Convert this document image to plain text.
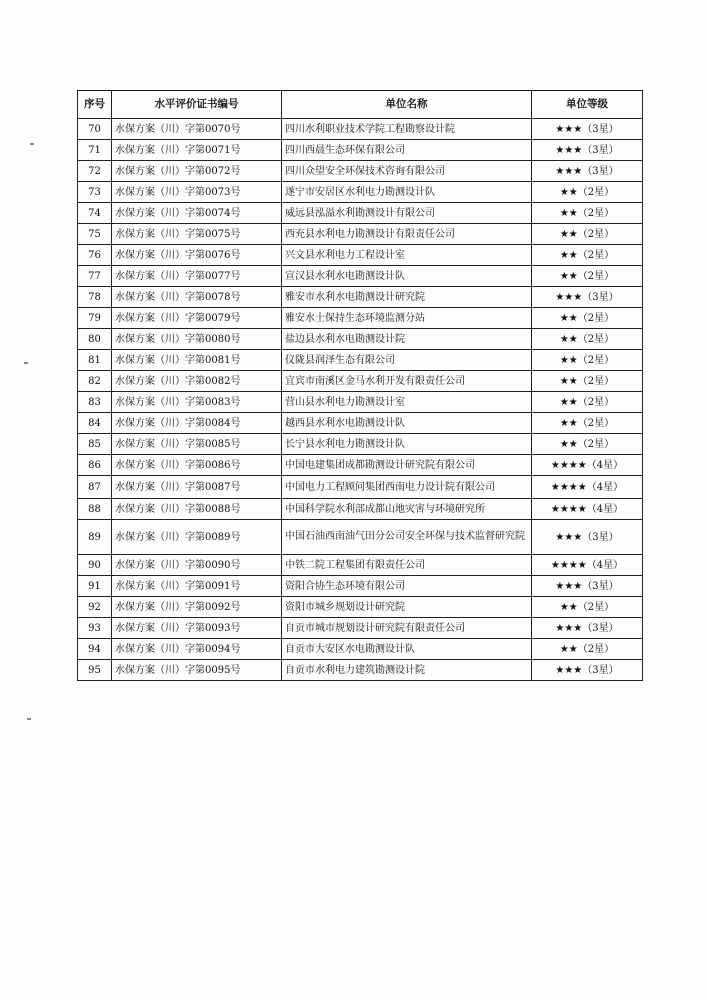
序号	水平评价证书编号	单位名称	单位等级
70	水保方案（川）字第0070号	四川水利职业技术学院工程勘察设计院	★★★（3星）
71	水保方案（川）字第0071号	四川西晨生态环保有限公司	★★★（3星）
72	水保方案（川）字第0072号	四川众望安全环保技术咨询有限公司	★★★（3星）
73	水保方案（川）字第0073号	遂宁市安居区水利电力勘测设计队	★★（2星）
74	水保方案（川）字第0074号	威远县泓溢水利勘测设计有限公司	★★（2星）
75	水保方案（川）字第0075号	西充县水利电力勘测设计有限责任公司	★★（2星）
76	水保方案（川）字第0076号	兴文县水利电力工程设计室	★★（2星）
77	水保方案（川）字第0077号	宣汉县水利水电勘测设计队	★★（2星）
78	水保方案（川）字第0078号	雅安市水利水电勘测设计研究院	★★★（3星）
79	水保方案（川）字第0079号	雅安水土保持生态环境监测分站	★★（2星）
80	水保方案（川）字第0080号	盐边县水利水电勘测设计院	★★（2星）
81	水保方案（川）字第0081号	仪陇县润泽生态有限公司	★★（2星）
82	水保方案（川）字第0082号	宜宾市南溪区金马水利开发有限责任公司	★★（2星）
83	水保方案（川）字第0083号	营山县水利电力勘测设计室	★★（2星）
84	水保方案（川）字第0084号	越西县水利水电勘测设计队	★★（2星）
85	水保方案（川）字第0085号	长宁县水利电力勘测设计队	★★（2星）
86	水保方案（川）字第0086号	中国电建集团成都勘测设计研究院有限公司	★★★★（4星）
87	水保方案（川）字第0087号	中国电力工程顾问集团西南电力设计院有限公司	★★★★（4星）
88	水保方案（川）字第0088号	中国科学院水利部成都山地灾害与环境研究所	★★★★（4星）
89	水保方案（川）字第0089号	中国石油西南油气田分公司安全环保与技术监督研究院	★★★（3星）
90	水保方案（川）字第0090号	中铁二院工程集团有限责任公司	★★★★（4星）
91	水保方案（川）字第0091号	资阳合协生态环境有限公司	★★★（3星）
92	水保方案（川）字第0092号	资阳市城乡规划设计研究院	★★（2星）
93	水保方案（川）字第0093号	自贡市城市规划设计研究院有限责任公司	★★★（3星）
94	水保方案（川）字第0094号	自贡市大安区水电勘测设计队	★★（2星）
95	水保方案（川）字第0095号	自贡市水利电力建筑勘测设计院	★★★（3星）
